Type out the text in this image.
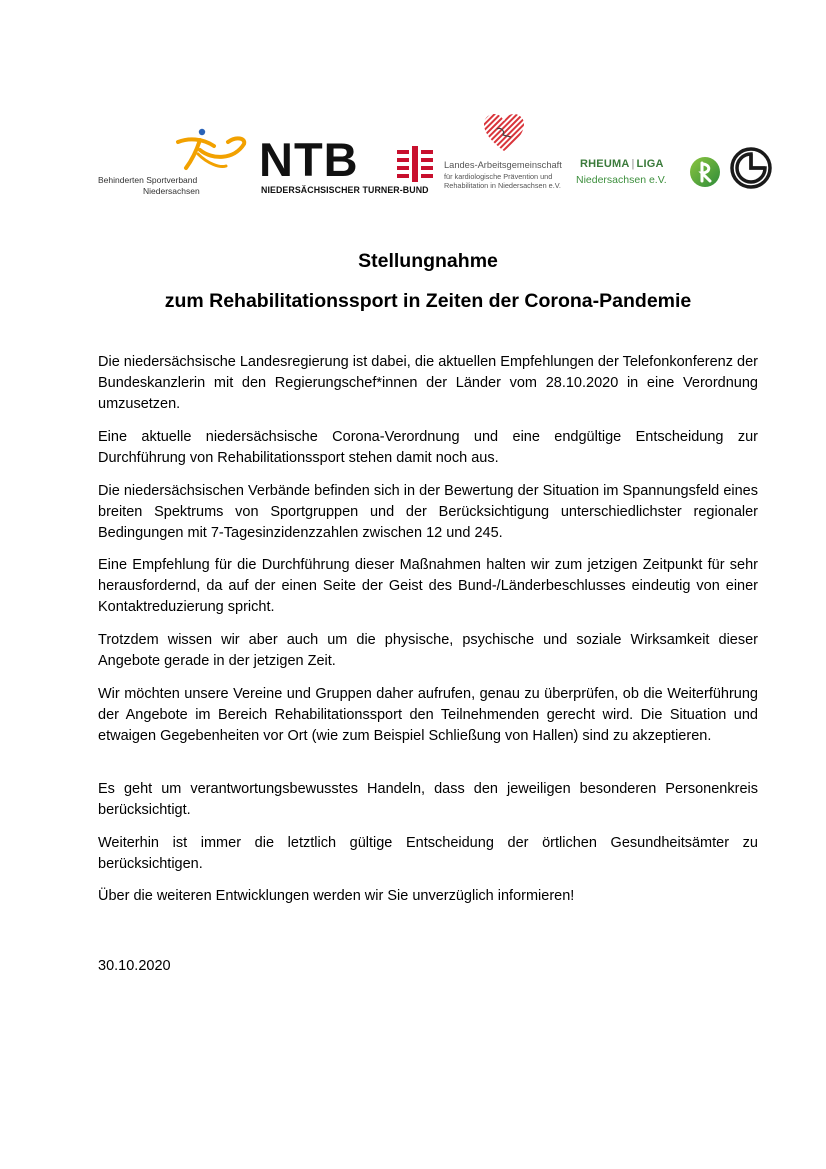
Behinderten Sportverband
Niedersachsen
NTB
NIEDERSÄCHSISCHER TURNER-BUND
Landes-Arbeitsgemeinschaft
für kardiologische Prävention und
Rehabilitation in Niedersachsen e.V.
RHEUMA | LIGA
Niedersachsen e.V.
Stellungnahme
zum Rehabilitationssport in Zeiten der Corona-Pandemie

Die niedersächsische Landesregierung ist dabei, die aktuellen Empfehlungen der Telefonkonferenz der Bundeskanzlerin mit den Regierungschef*innen der Länder vom 28.10.2020 in eine Verordnung umzusetzen.

Eine aktuelle niedersächsische Corona-Verordnung und eine endgültige Entscheidung zur Durchführung von Rehabilitationssport stehen damit noch aus.

Die niedersächsischen Verbände befinden sich in der Bewertung der Situation im Spannungsfeld eines breiten Spektrums von Sportgruppen und der Berücksichtigung unterschiedlichster regionaler Bedingungen mit 7-Tagesinzidenzzahlen zwischen 12 und 245.

Eine Empfehlung für die Durchführung dieser Maßnahmen halten wir zum jetzigen Zeitpunkt für sehr herausfordernd, da auf der einen Seite der Geist des Bund-/Länderbeschlusses eindeutig von einer Kontaktreduzierung spricht.

Trotzdem wissen wir aber auch um die physische, psychische und soziale Wirksamkeit dieser Angebote gerade in der jetzigen Zeit.

Wir möchten unsere Vereine und Gruppen daher aufrufen, genau zu überprüfen, ob die Weiterführung der Angebote im Bereich Rehabilitationssport den Teilnehmenden gerecht wird. Die Situation und etwaigen Gegebenheiten vor Ort (wie zum Beispiel Schließung von Hallen) sind zu akzeptieren.

Es geht um verantwortungsbewusstes Handeln, dass den jeweiligen besonderen Personenkreis berücksichtigt.

Weiterhin ist immer die letztlich gültige Entscheidung der örtlichen Gesundheitsämter zu berücksichtigen.

Über die weiteren Entwicklungen werden wir Sie unverzüglich informieren!

30.10.2020
